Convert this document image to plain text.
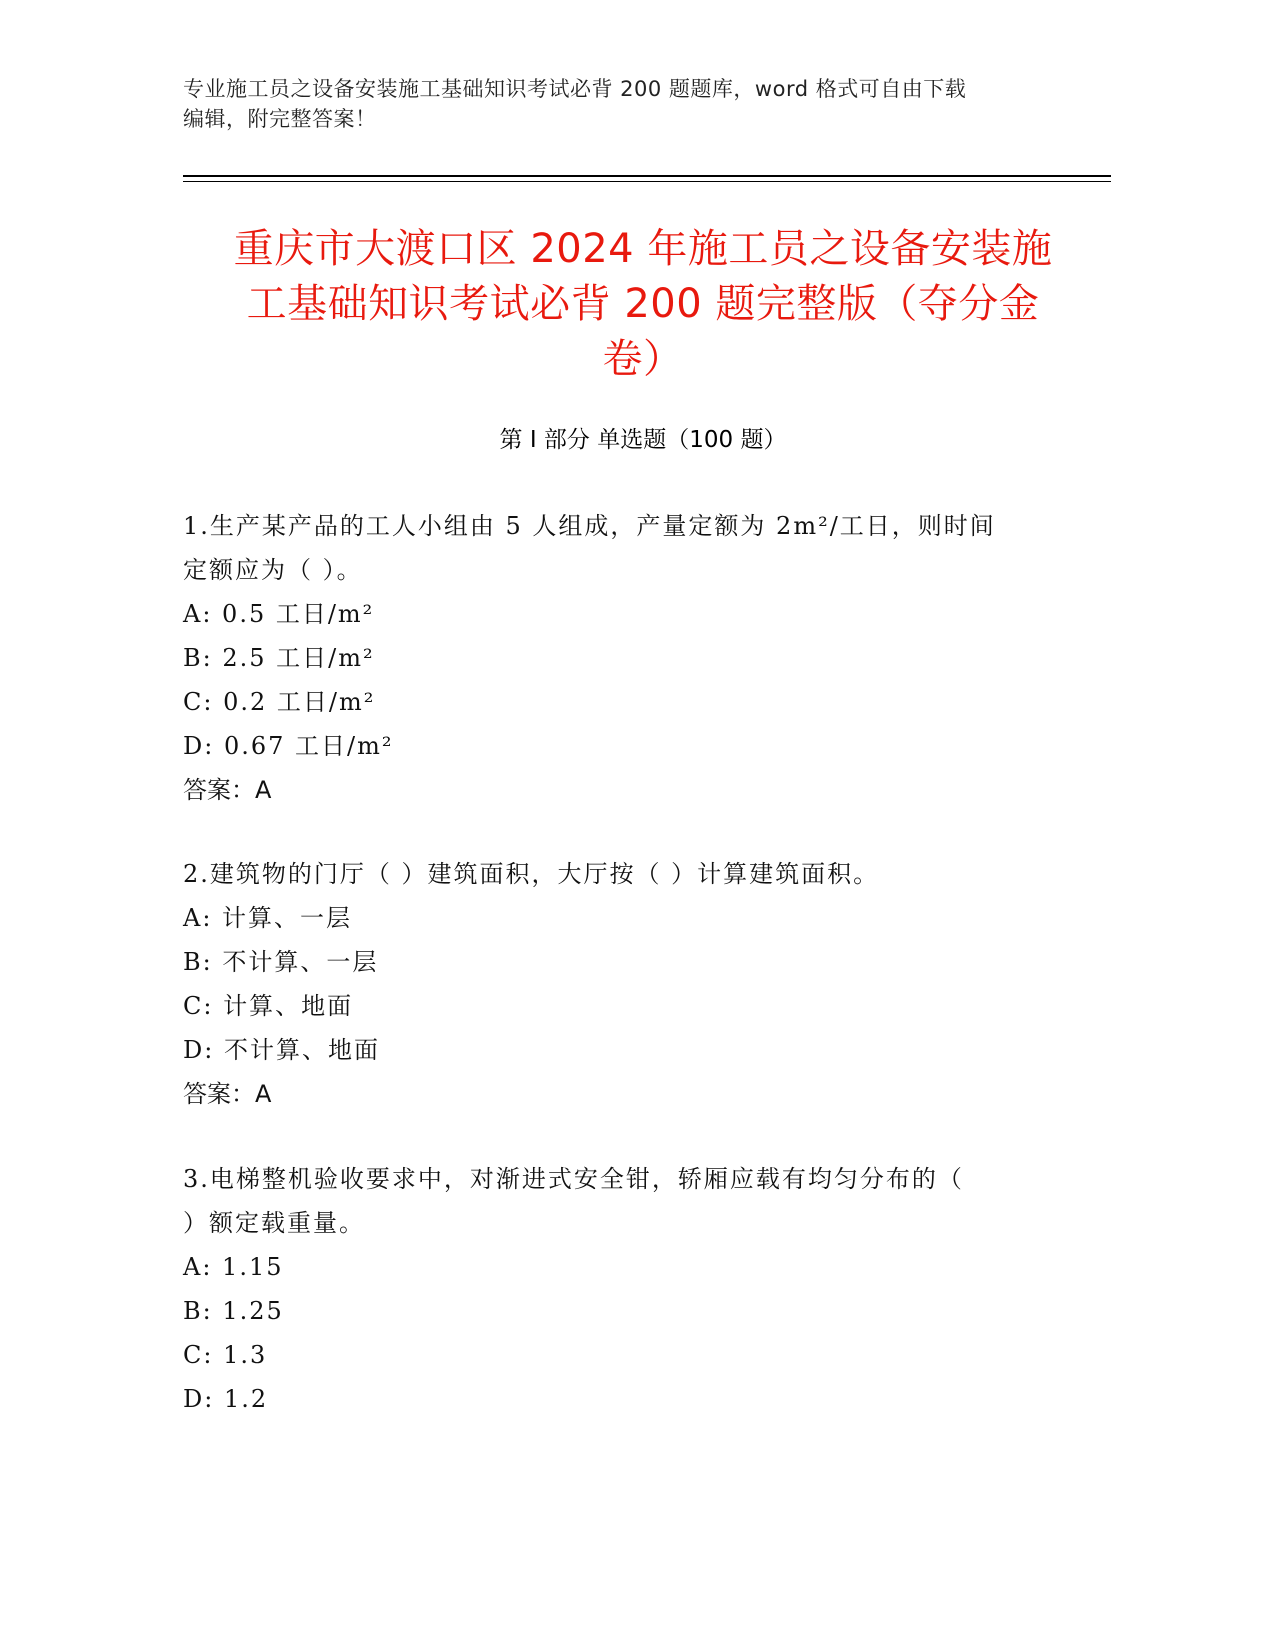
专业施工员之设备安装施工基础知识考试必背 200 题题库，word 格式可自由下载
编辑，附完整答案！
重庆市大渡口区 2024 年施工员之设备安装施
工基础知识考试必背 200 题完整版（夺分金
卷）
第 I 部分 单选题（100 题）
1.生产某产品的工人小组由 5 人组成，产量定额为 2m²/工日，则时间
定额应为（ ）。
A: 0.5 工日/m²
B: 2.5 工日/m²
C: 0.2 工日/m²
D: 0.67 工日/m²
答案：A
2.建筑物的门厅（ ）建筑面积，大厅按（ ）计算建筑面积。
A: 计算、一层
B: 不计算、一层
C: 计算、地面
D: 不计算、地面
答案：A
3.电梯整机验收要求中，对渐进式安全钳，轿厢应载有均匀分布的（
）额定载重量。
A: 1.15
B: 1.25
C: 1.3
D: 1.2
